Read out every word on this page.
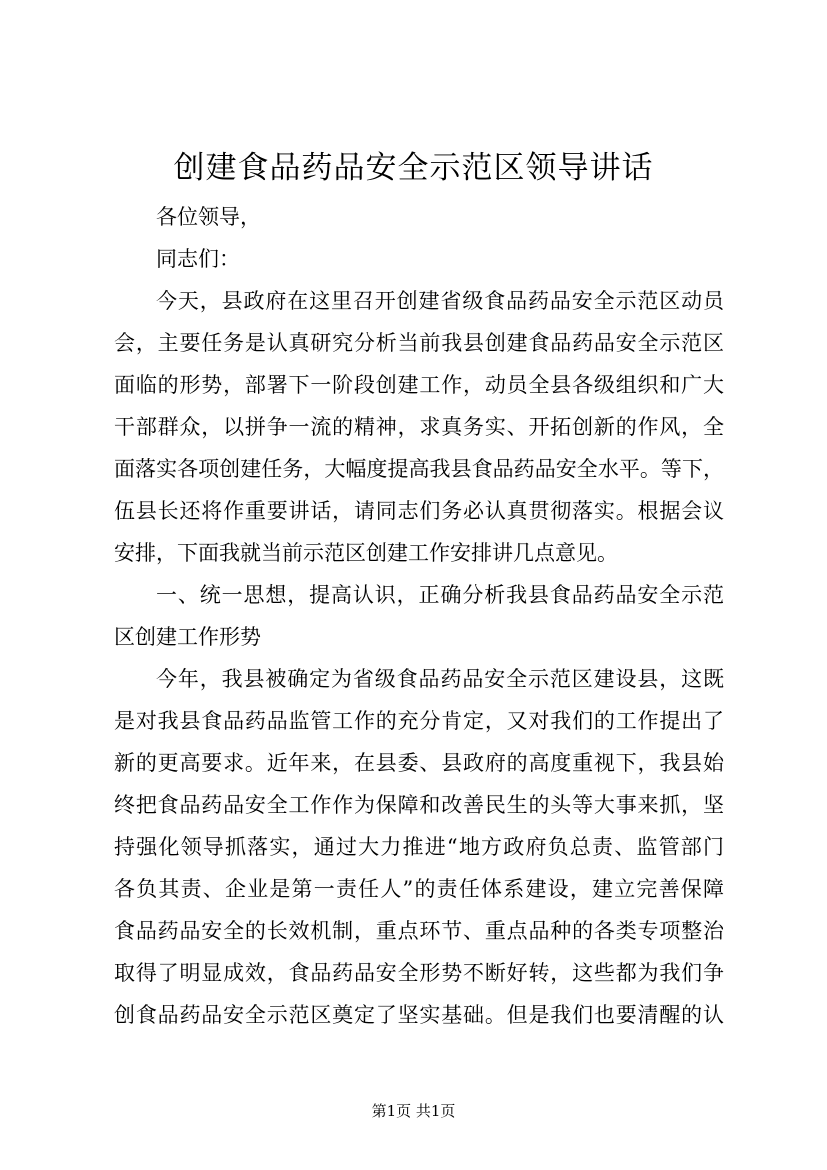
创建食品药品安全示范区领导讲话
各位领导，
同志们：
今天，县政府在这里召开创建省级食品药品安全示范区动员
会，主要任务是认真研究分析当前我县创建食品药品安全示范区
面临的形势，部署下一阶段创建工作，动员全县各级组织和广大
干部群众，以拼争一流的精神，求真务实、开拓创新的作风，全
面落实各项创建任务，大幅度提高我县食品药品安全水平。等下，
伍县长还将作重要讲话，请同志们务必认真贯彻落实。根据会议
安排，下面我就当前示范区创建工作安排讲几点意见。
一、统一思想，提高认识，正确分析我县食品药品安全示范
区创建工作形势
今年，我县被确定为省级食品药品安全示范区建设县，这既
是对我县食品药品监管工作的充分肯定，又对我们的工作提出了
新的更高要求。近年来，在县委、县政府的高度重视下，我县始
终把食品药品安全工作作为保障和改善民生的头等大事来抓，坚
持强化领导抓落实，通过大力推进“地方政府负总责、监管部门
各负其责、企业是第一责任人”的责任体系建设，建立完善保障
食品药品安全的长效机制，重点环节、重点品种的各类专项整治
取得了明显成效，食品药品安全形势不断好转，这些都为我们争
创食品药品安全示范区奠定了坚实基础。但是我们也要清醒的认
第1页 共1页
